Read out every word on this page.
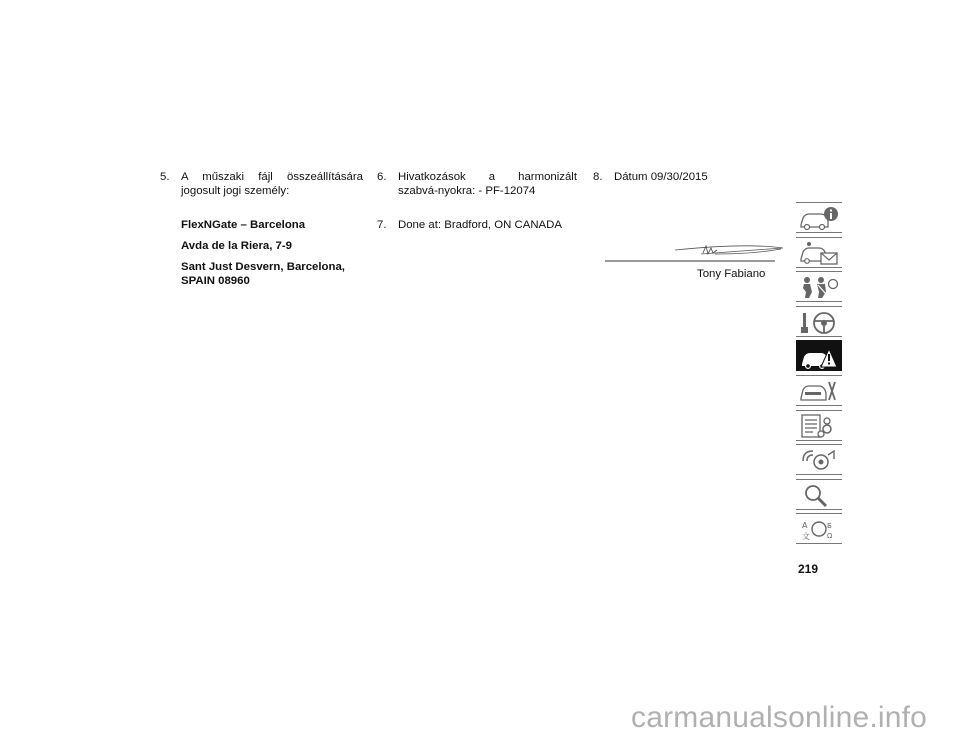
5.	A műszaki fájl összeállítására jogosult jogi személy:
FlexNGate – Barcelona
Avda de la Riera, 7-9
Sant Just Desvern, Barcelona, SPAIN 08960
6.	Hivatkozások a harmonizált szabvá-nyokra: - PF-12074
7.	Done at: Bradford, ON CANADA
8.	Dátum 09/30/2015
Tony Fabiano
A
文
Б
Ω
219
carmanualsonline.info
